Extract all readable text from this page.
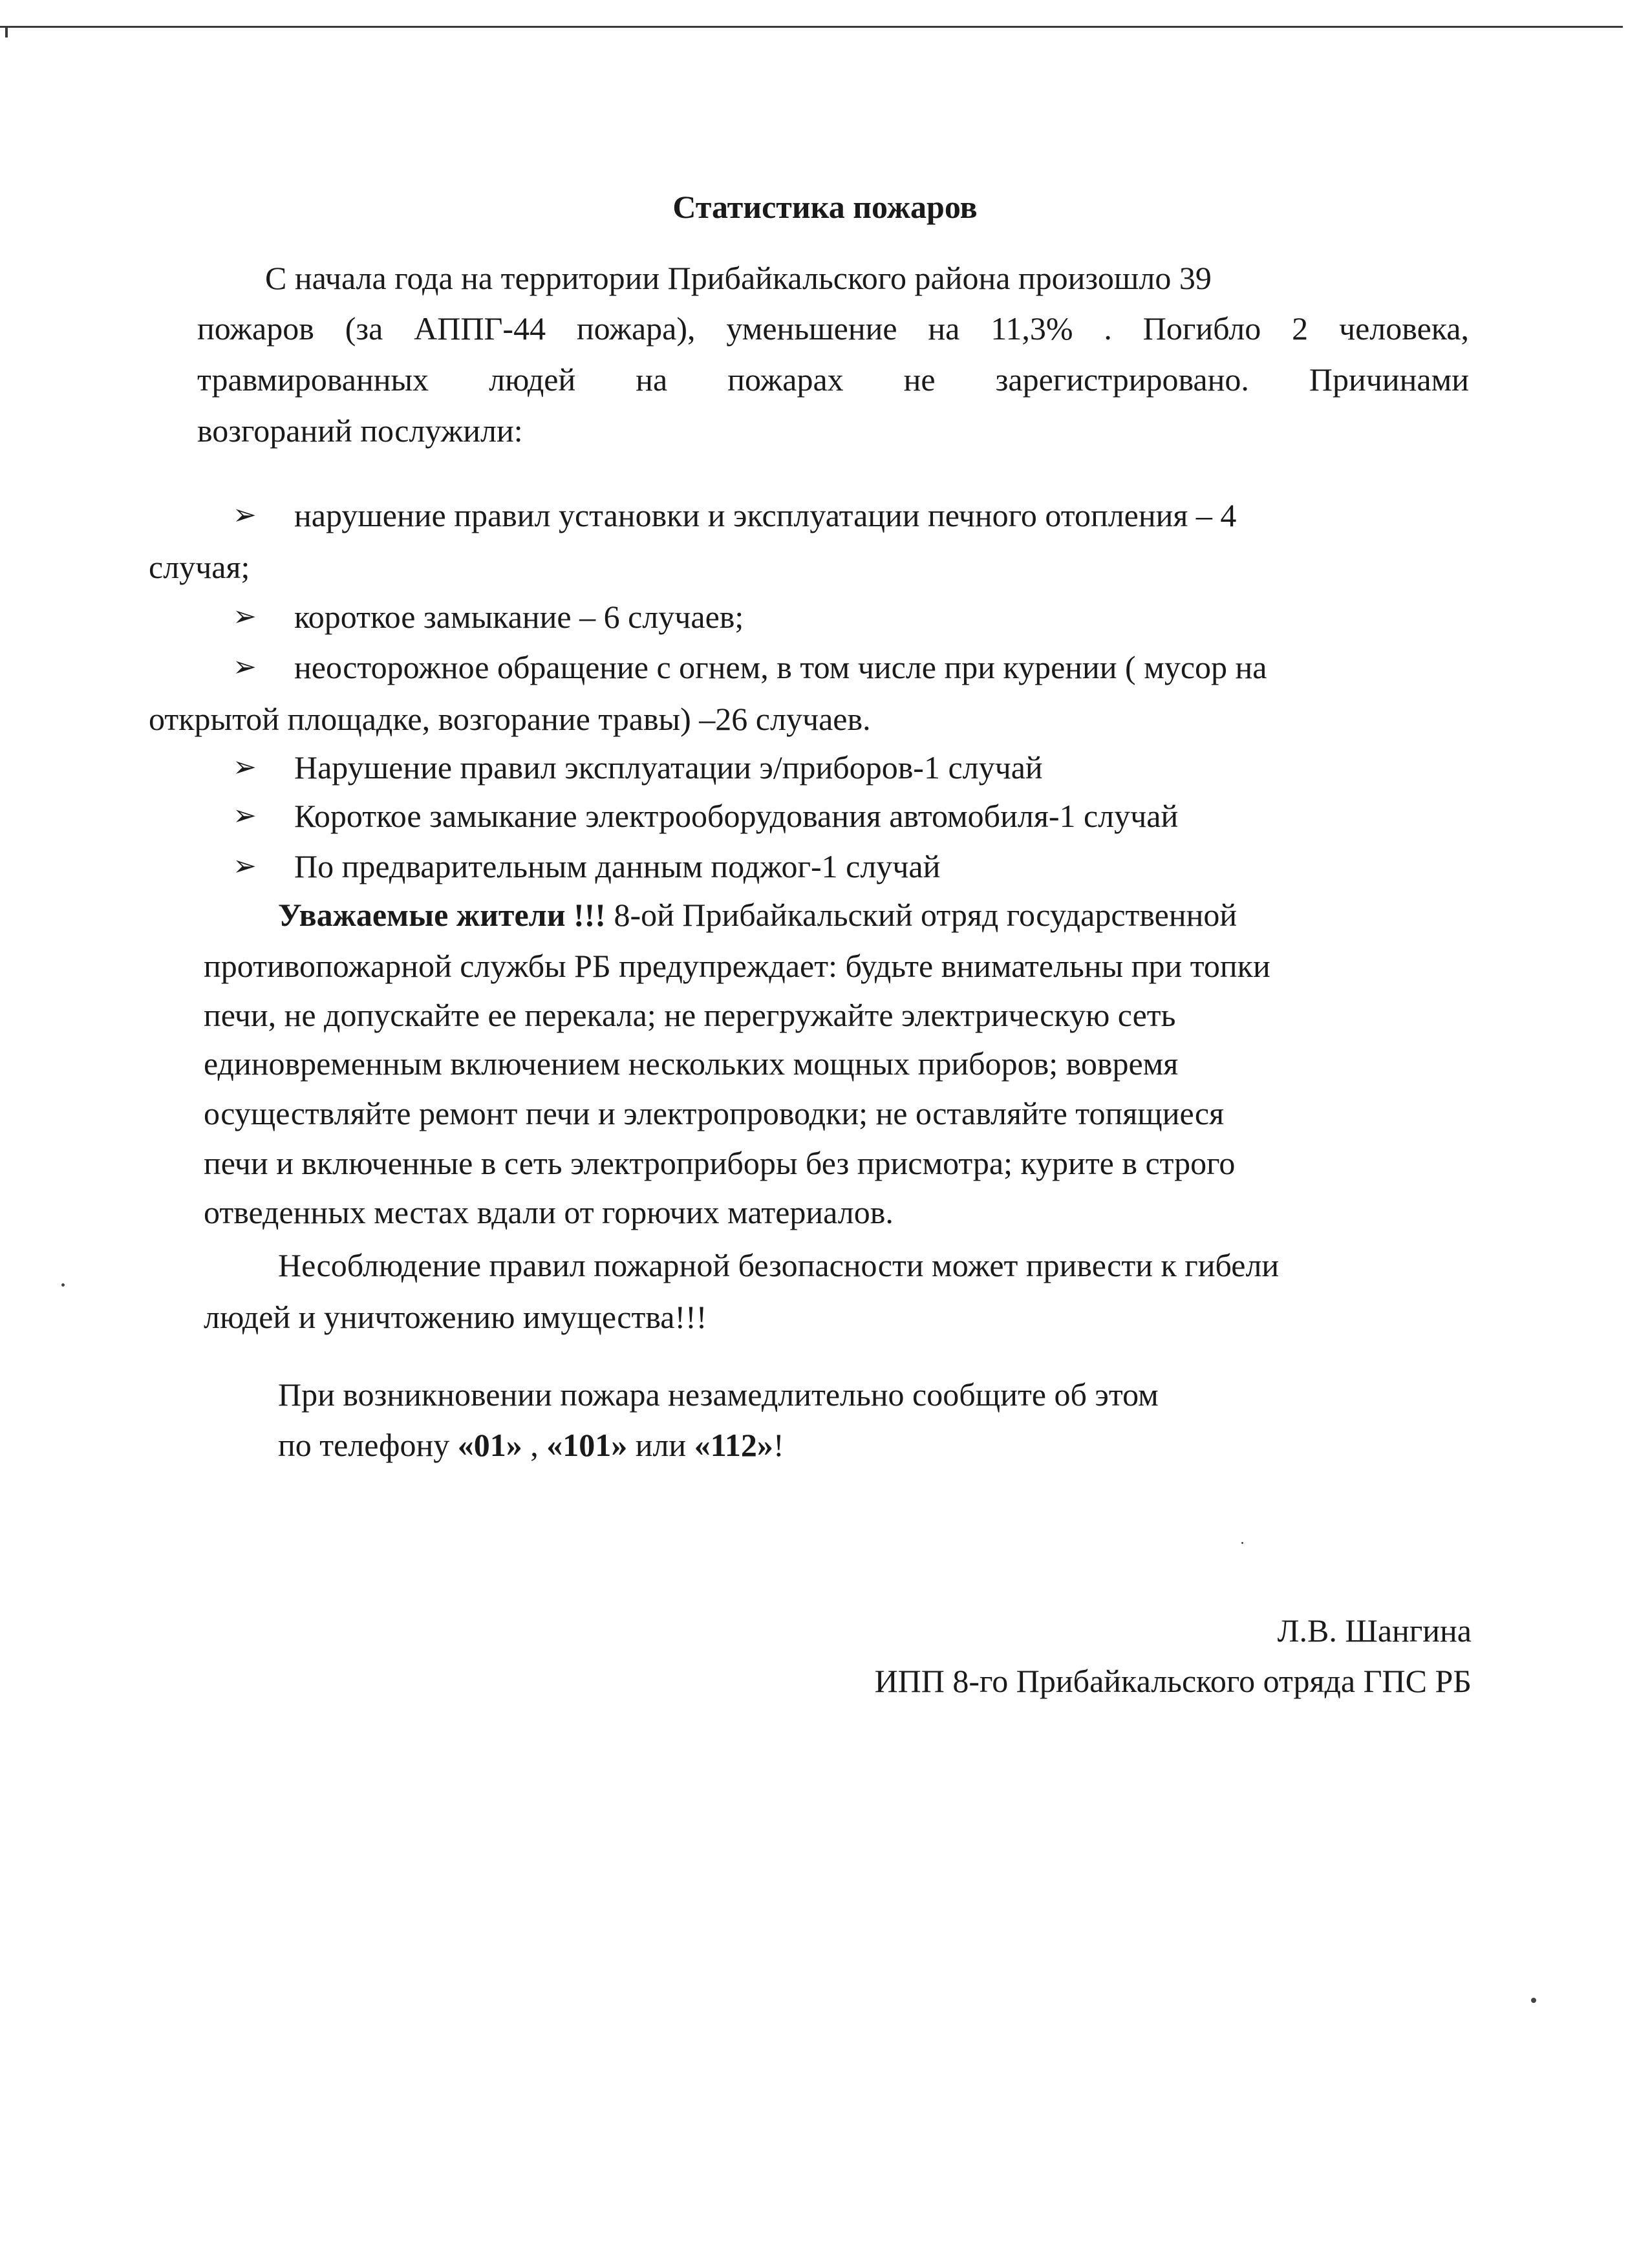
Статистика пожаров
С начала года на территории Прибайкальского района произошло 39
пожаров (за АППГ-44 пожара), уменьшение на 11,3% . Погибло 2 человека,
травмированных людей на пожарах не зарегистрировано. Причинами
возгораний послужили:
➢ нарушение правил установки и эксплуатации печного отопления – 4
случая;
➢ короткое замыкание – 6 случаев;
➢ неосторожное обращение с огнем, в том числе при курении ( мусор на
открытой площадке, возгорание травы) –26 случаев.
➢ Нарушение правил эксплуатации э/приборов-1 случай
➢ Короткое замыкание электрооборудования автомобиля-1 случай
➢ По предварительным данным поджог-1 случай
Уважаемые жители !!! 8-ой Прибайкальский отряд государственной
противопожарной службы РБ предупреждает: будьте внимательны при топки
печи, не допускайте ее перекала; не перегружайте электрическую сеть
единовременным включением нескольких мощных приборов; вовремя
осуществляйте ремонт печи и электропроводки; не оставляйте топящиеся
печи и включенные в сеть электроприборы без присмотра; курите в строго
отведенных местах вдали от горючих материалов.
Несоблюдение правил пожарной безопасности может привести к гибели
людей и уничтожению имущества!!!
При возникновении пожара незамедлительно сообщите об этом
по телефону «01» , «101» или «112»!
Л.В. Шангина
ИПП 8-го Прибайкальского отряда ГПС РБ
